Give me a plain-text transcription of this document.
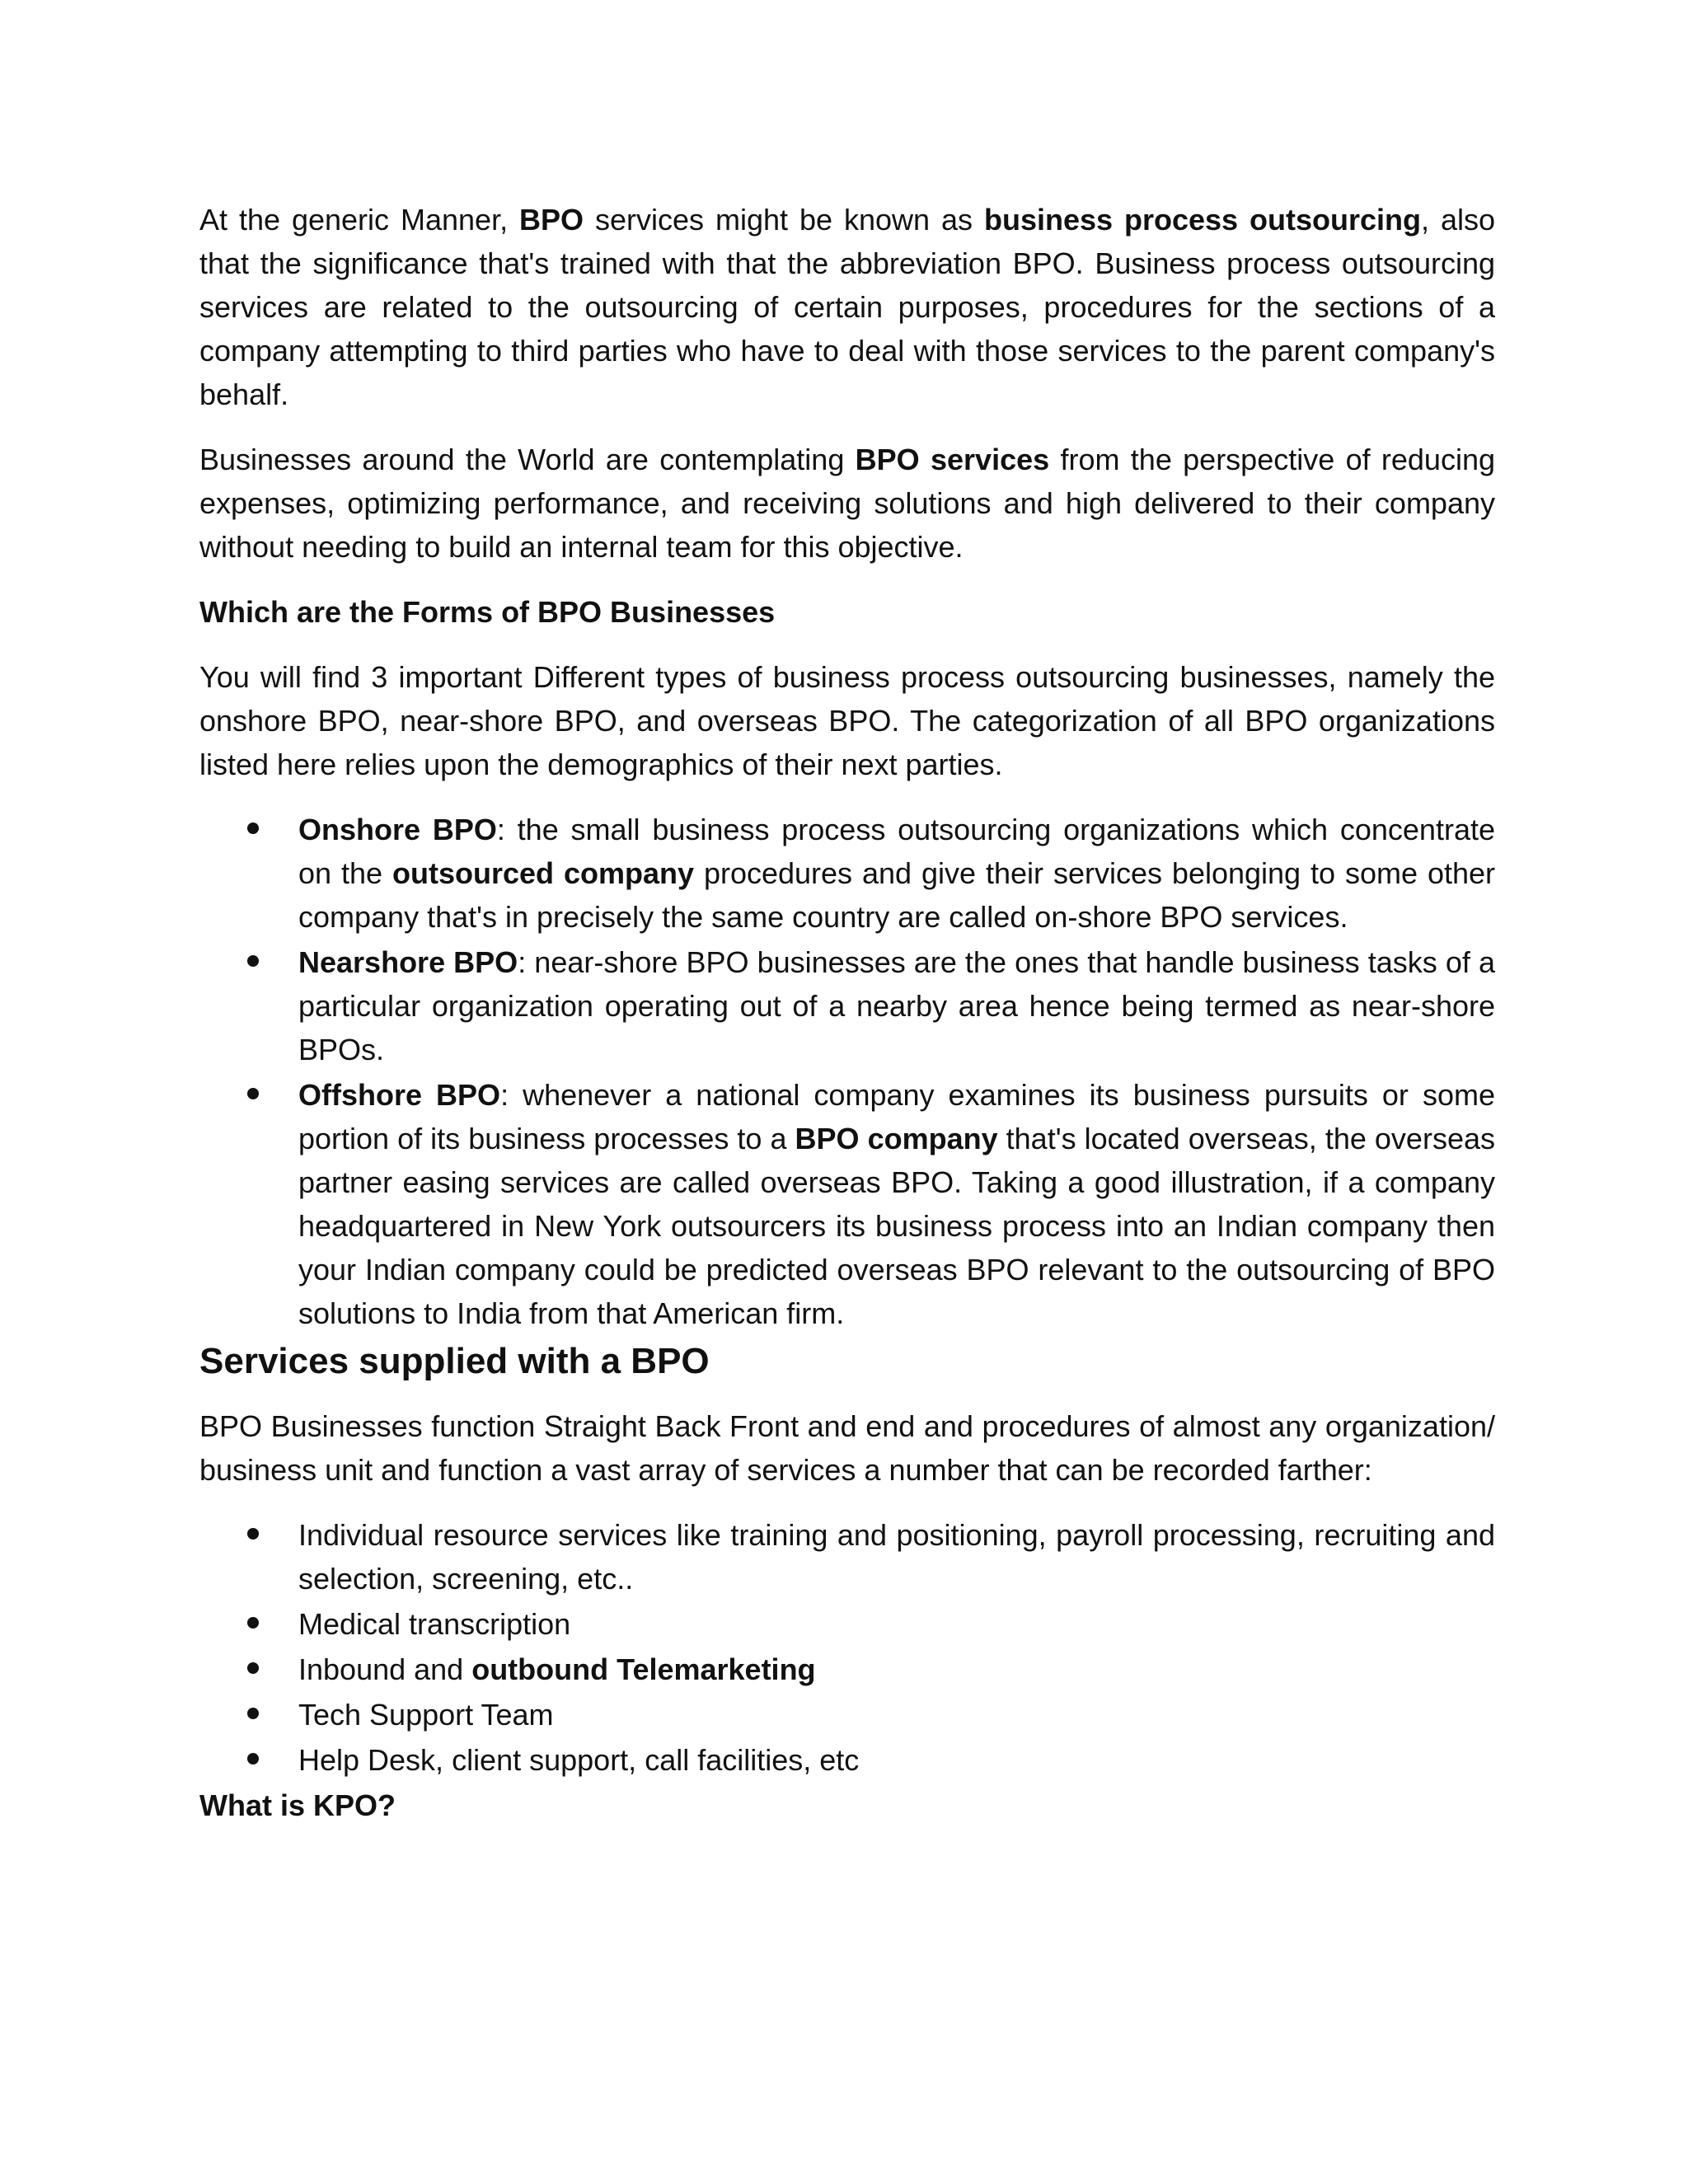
At the generic Manner, BPO services might be known as business process outsourcing, also that the significance that's trained with that the abbreviation BPO. Business process outsourcing services are related to the outsourcing of certain purposes, procedures for the sections of a company attempting to third parties who have to deal with those services to the parent company's behalf.

Businesses around the World are contemplating BPO services from the perspective of reducing expenses, optimizing performance, and receiving solutions and high delivered to their company without needing to build an internal team for this objective.

Which are the Forms of BPO Businesses

You will find 3 important Different types of business process outsourcing businesses, namely the onshore BPO, near-shore BPO, and overseas BPO. The categorization of all BPO organizations listed here relies upon the demographics of their next parties.

Onshore BPO: the small business process outsourcing organizations which concentrate on the outsourced company procedures and give their services belonging to some other company that's in precisely the same country are called on-shore BPO services.
Nearshore BPO: near-shore BPO businesses are the ones that handle business tasks of a particular organization operating out of a nearby area hence being termed as near-shore BPOs.
Offshore BPO: whenever a national company examines its business pursuits or some portion of its business processes to a BPO company that's located overseas, the overseas partner easing services are called overseas BPO. Taking a good illustration, if a company headquartered in New York outsourcers its business process into an Indian company then your Indian company could be predicted overseas BPO relevant to the outsourcing of BPO solutions to India from that American firm.

Services supplied with a BPO

BPO Businesses function Straight Back Front and end and procedures of almost any organization/ business unit and function a vast array of services a number that can be recorded farther:

Individual resource services like training and positioning, payroll processing, recruiting and selection, screening, etc..
Medical transcription
Inbound and outbound Telemarketing
Tech Support Team
Help Desk, client support, call facilities, etc

What is KPO?
